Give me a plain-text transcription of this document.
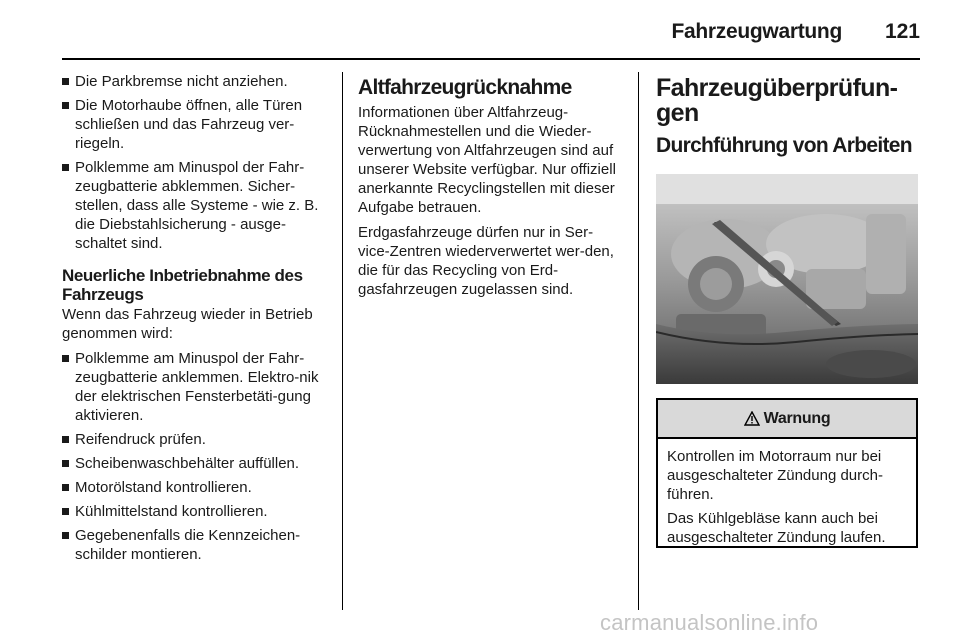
Fahrzeugwartung 121
Die Parkbremse nicht anziehen.
Die Motorhaube öffnen, alle Türen schließen und das Fahrzeug ver-riegeln.
Polklemme am Minuspol der Fahr-zeugbatterie abklemmen. Sicher-stellen, dass alle Systeme - wie z. B. die Diebstahlsicherung - ausge-schaltet sind.
Neuerliche Inbetriebnahme des Fahrzeugs
Wenn das Fahrzeug wieder in Betrieb genommen wird:
Polklemme am Minuspol der Fahr-zeugbatterie anklemmen. Elektro-nik der elektrischen Fensterbetäti-gung aktivieren.
Reifendruck prüfen.
Scheibenwaschbehälter auffüllen.
Motorölstand kontrollieren.
Kühlmittelstand kontrollieren.
Gegebenenfalls die Kennzeichen-schilder montieren.
Altfahrzeugrücknahme
Informationen über Altfahrzeug-Rücknahmestellen und die Wieder-verwertung von Altfahrzeugen sind auf unserer Website verfügbar. Nur offiziell anerkannte Recyclingstellen mit dieser Aufgabe betrauen.
Erdgasfahrzeuge dürfen nur in Ser-vice-Zentren wiederverwertet wer-den, die für das Recycling von Erd-gasfahrzeugen zugelassen sind.
Fahrzeugüberprüfun-gen
Durchführung von Arbeiten
Warnung

Kontrollen im Motorraum nur bei ausgeschalteter Zündung durch-führen.

Das Kühlgebläse kann auch bei ausgeschalteter Zündung laufen.

carmanualsonline.info
